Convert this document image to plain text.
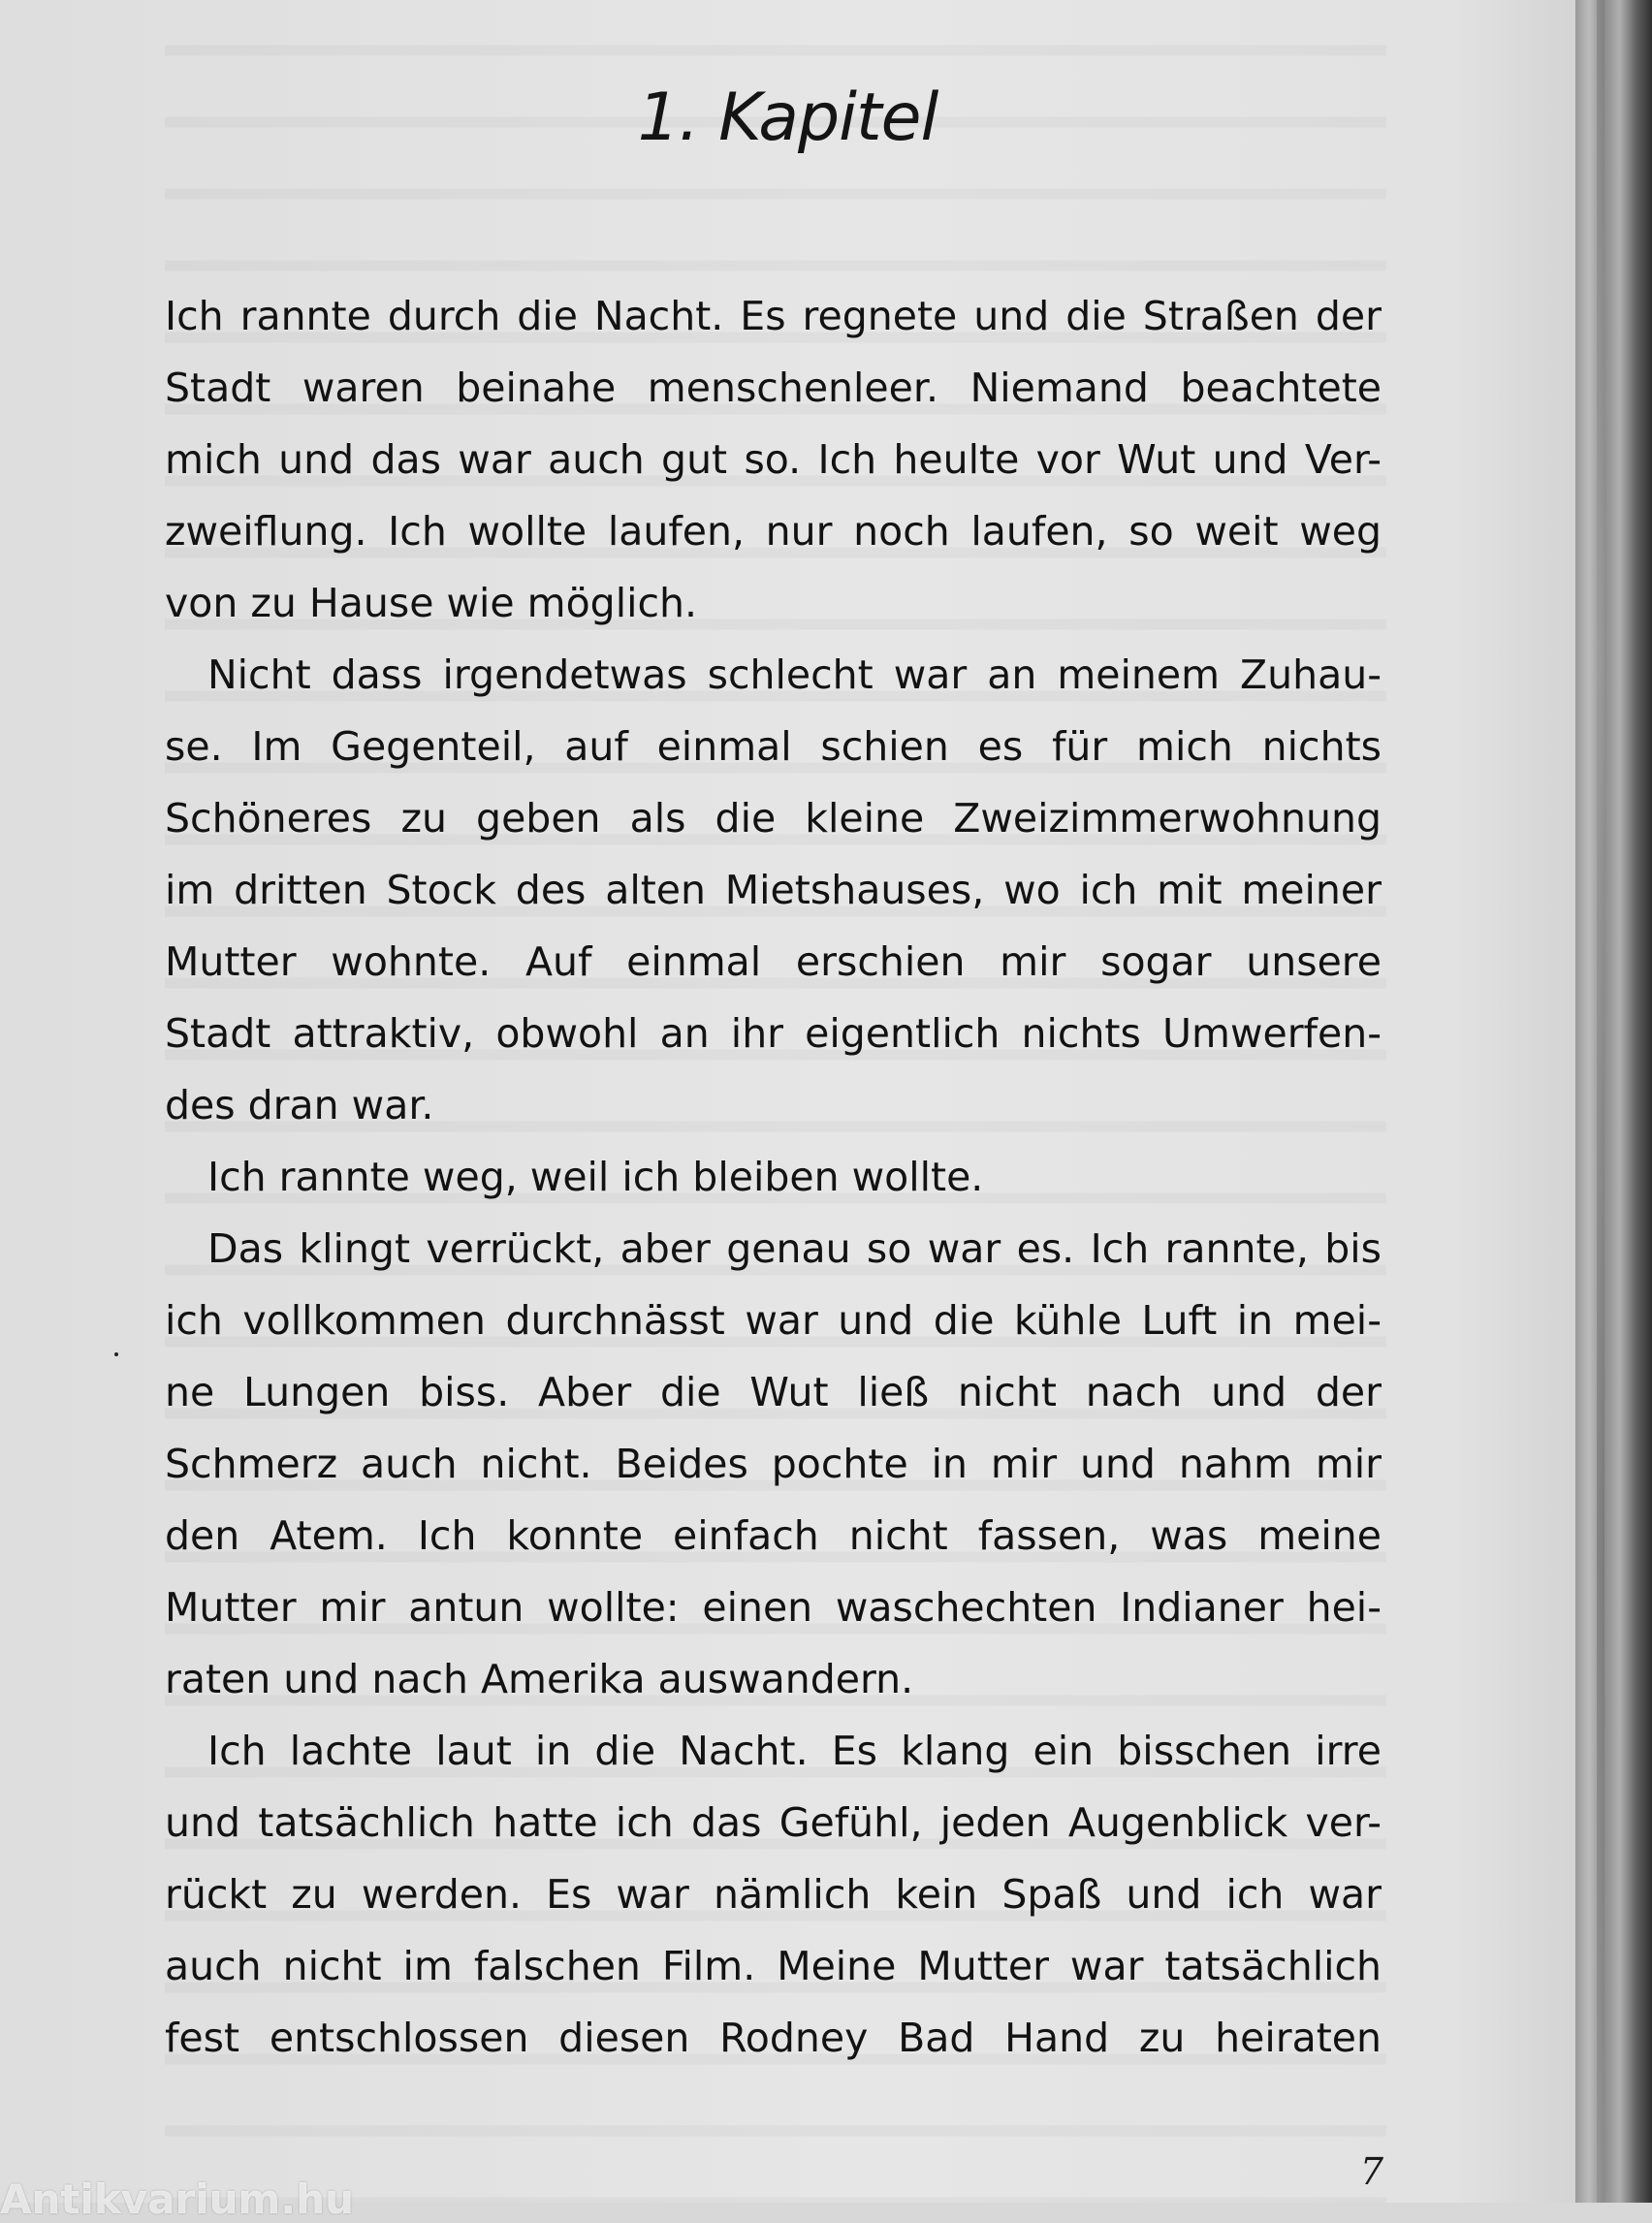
1. Kapitel
Ich rannte durch die Nacht. Es regnete und die Straßen der
Stadt waren beinahe menschenleer. Niemand beachtete
mich und das war auch gut so. Ich heulte vor Wut und Ver-
zweiflung. Ich wollte laufen, nur noch laufen, so weit weg
von zu Hause wie möglich.
Nicht dass irgendetwas schlecht war an meinem Zuhau-
se. Im Gegenteil, auf einmal schien es für mich nichts
Schöneres zu geben als die kleine Zweizimmerwohnung
im dritten Stock des alten Mietshauses, wo ich mit meiner
Mutter wohnte. Auf einmal erschien mir sogar unsere
Stadt attraktiv, obwohl an ihr eigentlich nichts Umwerfen-
des dran war.
Ich rannte weg, weil ich bleiben wollte.
Das klingt verrückt, aber genau so war es. Ich rannte, bis
ich vollkommen durchnässt war und die kühle Luft in mei-
ne Lungen biss. Aber die Wut ließ nicht nach und der
Schmerz auch nicht. Beides pochte in mir und nahm mir
den Atem. Ich konnte einfach nicht fassen, was meine
Mutter mir antun wollte: einen waschechten Indianer hei-
raten und nach Amerika auswandern.
Ich lachte laut in die Nacht. Es klang ein bisschen irre
und tatsächlich hatte ich das Gefühl, jeden Augenblick ver-
rückt zu werden. Es war nämlich kein Spaß und ich war
auch nicht im falschen Film. Meine Mutter war tatsächlich
fest entschlossen diesen Rodney Bad Hand zu heiraten
7
Antikvarium.hu
